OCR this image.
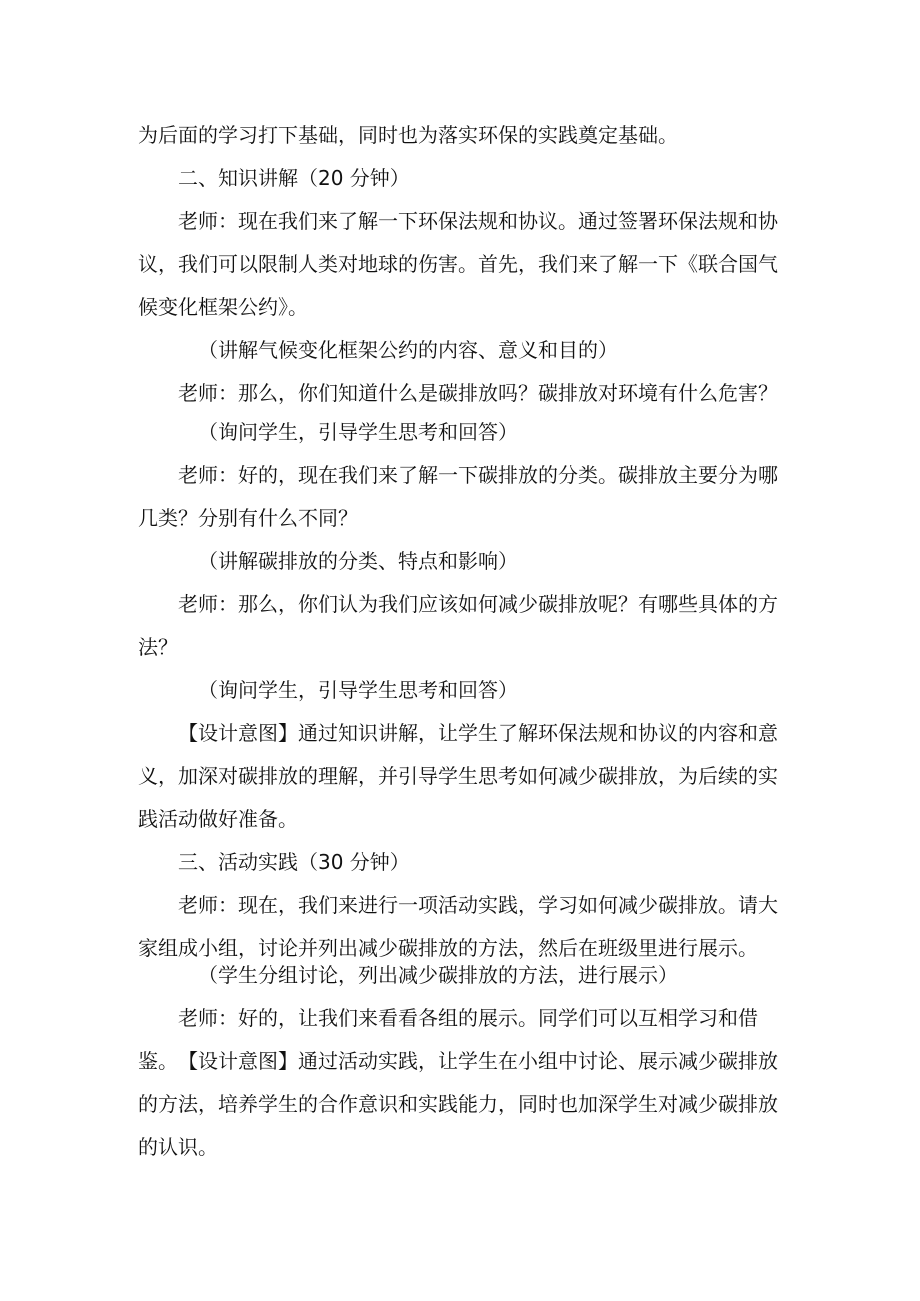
为后面的学习打下基础，同时也为落实环保的实践奠定基础。

二、知识讲解（20 分钟）

老师：现在我们来了解一下环保法规和协议。通过签署环保法规和协议，我们可以限制人类对地球的伤害。首先，我们来了解一下《联合国气候变化框架公约》。

（讲解气候变化框架公约的内容、意义和目的）

老师：那么，你们知道什么是碳排放吗？碳排放对环境有什么危害？

（询问学生，引导学生思考和回答）

老师：好的，现在我们来了解一下碳排放的分类。碳排放主要分为哪几类？分别有什么不同？

（讲解碳排放的分类、特点和影响）

老师：那么，你们认为我们应该如何减少碳排放呢？有哪些具体的方法？

（询问学生，引导学生思考和回答）

【设计意图】通过知识讲解，让学生了解环保法规和协议的内容和意义，加深对碳排放的理解，并引导学生思考如何减少碳排放，为后续的实践活动做好准备。

三、活动实践（30 分钟）

老师：现在，我们来进行一项活动实践，学习如何减少碳排放。请大家组成小组，讨论并列出减少碳排放的方法，然后在班级里进行展示。

（学生分组讨论，列出减少碳排放的方法，进行展示）

老师：好的，让我们来看看各组的展示。同学们可以互相学习和借鉴。 【设计意图】通过活动实践，让学生在小组中讨论、展示减少碳排放的方法，培养学生的合作意识和实践能力，同时也加深学生对减少碳排放的认识。
